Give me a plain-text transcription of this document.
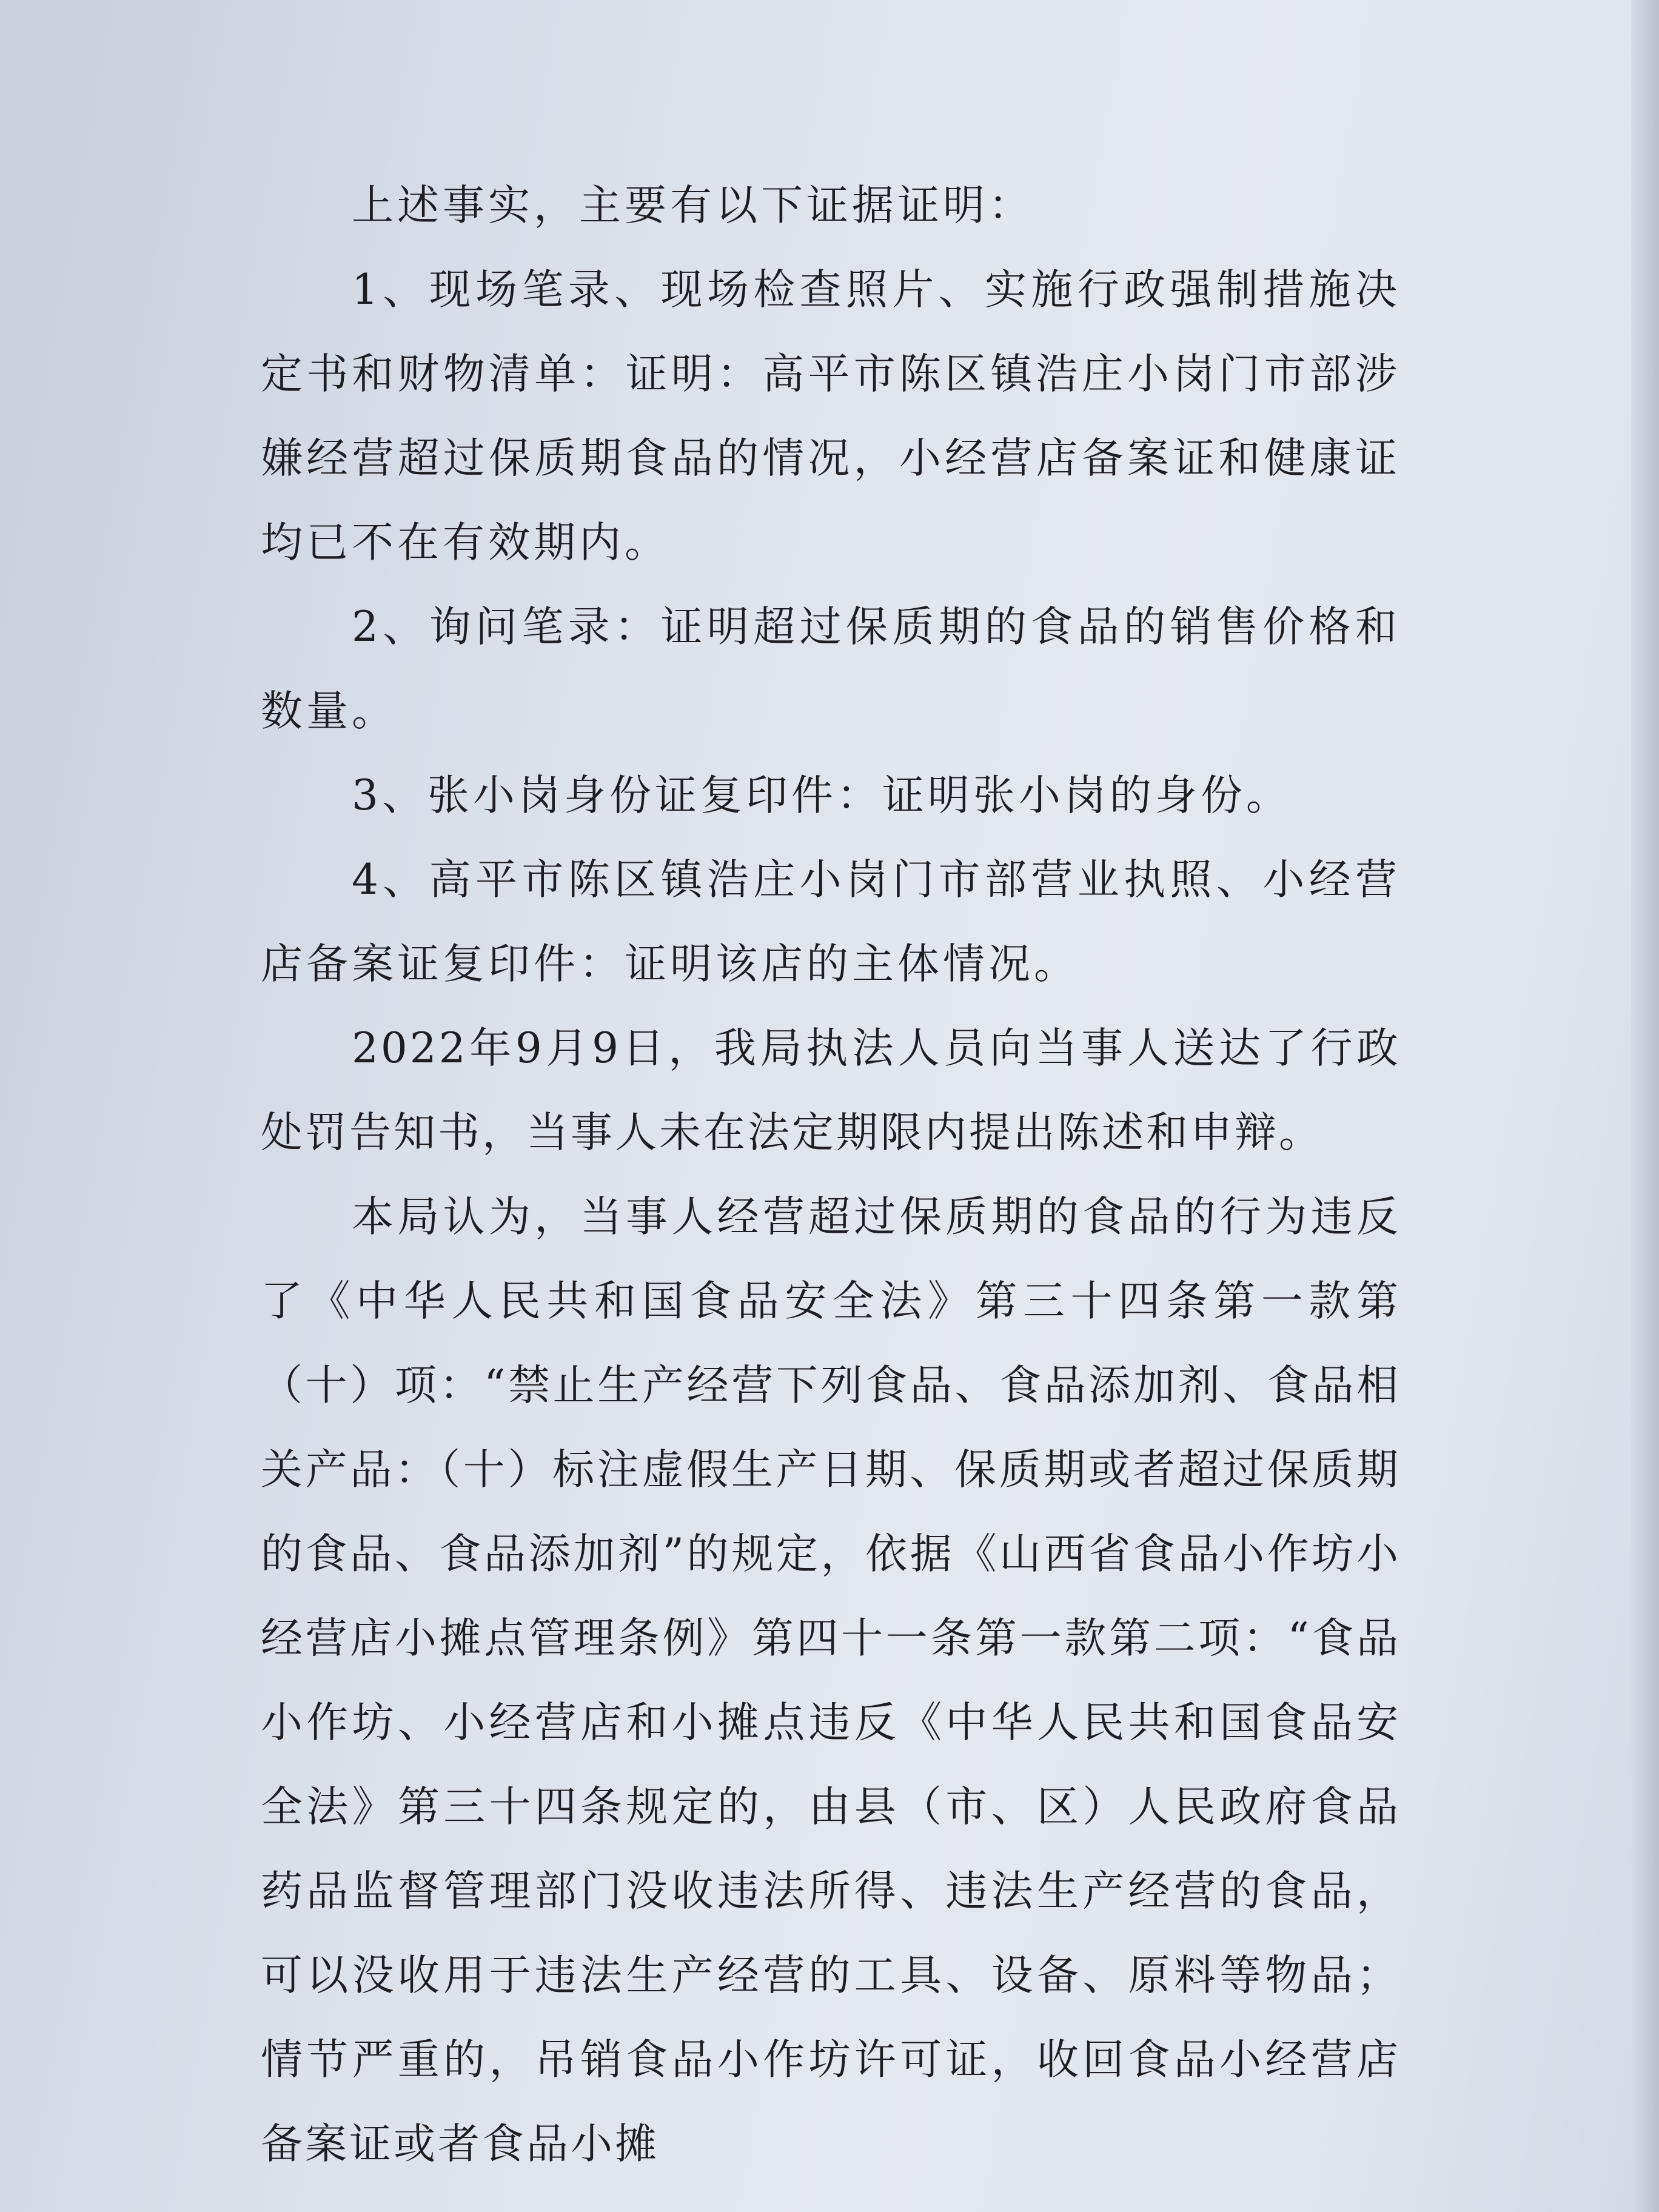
上述事实，主要有以下证据证明：

1、现场笔录、现场检查照片、实施行政强制措施决定书和财物清单：证明：高平市陈区镇浩庄小岗门市部涉嫌经营超过保质期食品的情况，小经营店备案证和健康证均已不在有效期内。

2、询问笔录：证明超过保质期的食品的销售价格和数量。

3、张小岗身份证复印件：证明张小岗的身份。

4、高平市陈区镇浩庄小岗门市部营业执照、小经营店备案证复印件：证明该店的主体情况。

2022年9月9日，我局执法人员向当事人送达了行政处罚告知书，当事人未在法定期限内提出陈述和申辩。

本局认为，当事人经营超过保质期的食品的行为违反了《中华人民共和国食品安全法》第三十四条第一款第（十）项：“禁止生产经营下列食品、食品添加剂、食品相关产品：（十）标注虚假生产日期、保质期或者超过保质期的食品、食品添加剂”的规定，依据《山西省食品小作坊小经营店小摊点管理条例》第四十一条第一款第二项：“食品小作坊、小经营店和小摊点违反《中华人民共和国食品安全法》第三十四条规定的，由县（市、区）人民政府食品药品监督管理部门没收违法所得、违法生产经营的食品，可以没收用于违法生产经营的工具、设备、原料等物品；情节严重的，吊销食品小作坊许可证，收回食品小经营店备案证或者食品小摊
